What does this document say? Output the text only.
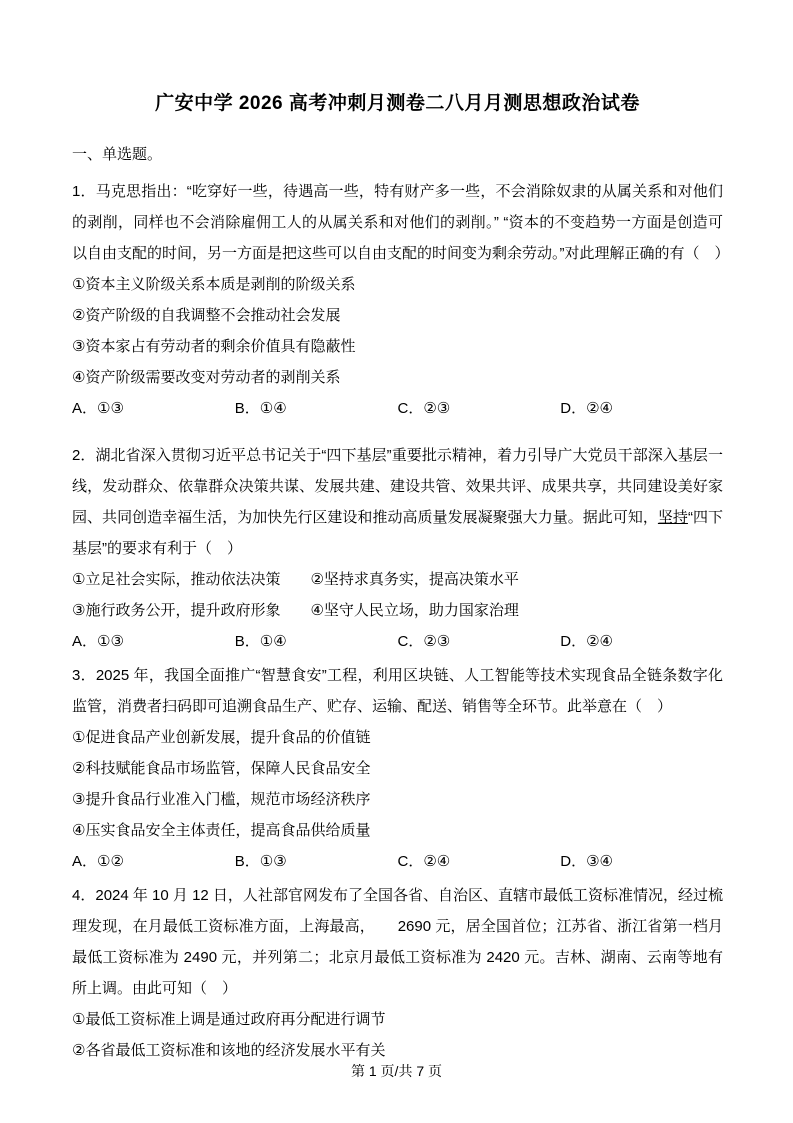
广安中学 2026 高考冲刺月测卷二八月月测思想政治试卷
一、单选题。

1．马克思指出：“吃穿好一些，待遇高一些，特有财产多一些，不会消除奴隶的从属关系和对他们的剥削，同样也不会消除雇佣工人的从属关系和对他们的剥削。” “资本的不变趋势一方面是创造可以自由支配的时间，另一方面是把这些可以自由支配的时间变为剩余劳动。”对此理解正确的有（　）

①资本主义阶级关系本质是剥削的阶级关系

②资产阶级的自我调整不会推动社会发展

③资本家占有劳动者的剩余价值具有隐蔽性

④资产阶级需要改变对劳动者的剥削关系

A．①③	B．①④	C．②③	D．②④

2．湖北省深入贯彻习近平总书记关于“四下基层”重要批示精神，着力引导广大党员干部深入基层一线，发动群众、依靠群众决策共谋、发展共建、建设共管、效果共评、成果共享，共同建设美好家园、共同创造幸福生活，为加快先行区建设和推动高质量发展凝聚强大力量。据此可知，坚持“四下基层”的要求有利于（　）

①立足社会实际，推动依法决策　　②坚持求真务实，提高决策水平

③施行政务公开，提升政府形象　　④坚守人民立场，助力国家治理

A．①③	B．①④	C．②③	D．②④

3．2025 年，我国全面推广“智慧食安”工程，利用区块链、人工智能等技术实现食品全链条数字化监管，消费者扫码即可追溯食品生产、贮存、运输、配送、销售等全环节。此举意在（　）

①促进食品产业创新发展，提升食品的价值链

②科技赋能食品市场监管，保障人民食品安全

③提升食品行业准入门槛，规范市场经济秩序

④压实食品安全主体责任，提高食品供给质量

A．①②	B．①③	C．②④	D．③④

4．2024 年 10 月 12 日，人社部官网发布了全国各省、自治区、直辖市最低工资标准情况，经过梳理发现，在月最低工资标准方面，上海最高，　　2690 元，居全国首位；江苏省、浙江省第一档月最低工资标准为 2490 元，并列第二；北京月最低工资标准为 2420 元。吉林、湖南、云南等地有所上调。由此可知（　）

①最低工资标准上调是通过政府再分配进行调节

②各省最低工资标准和该地的经济发展水平有关

第 1 页/共 7 页
